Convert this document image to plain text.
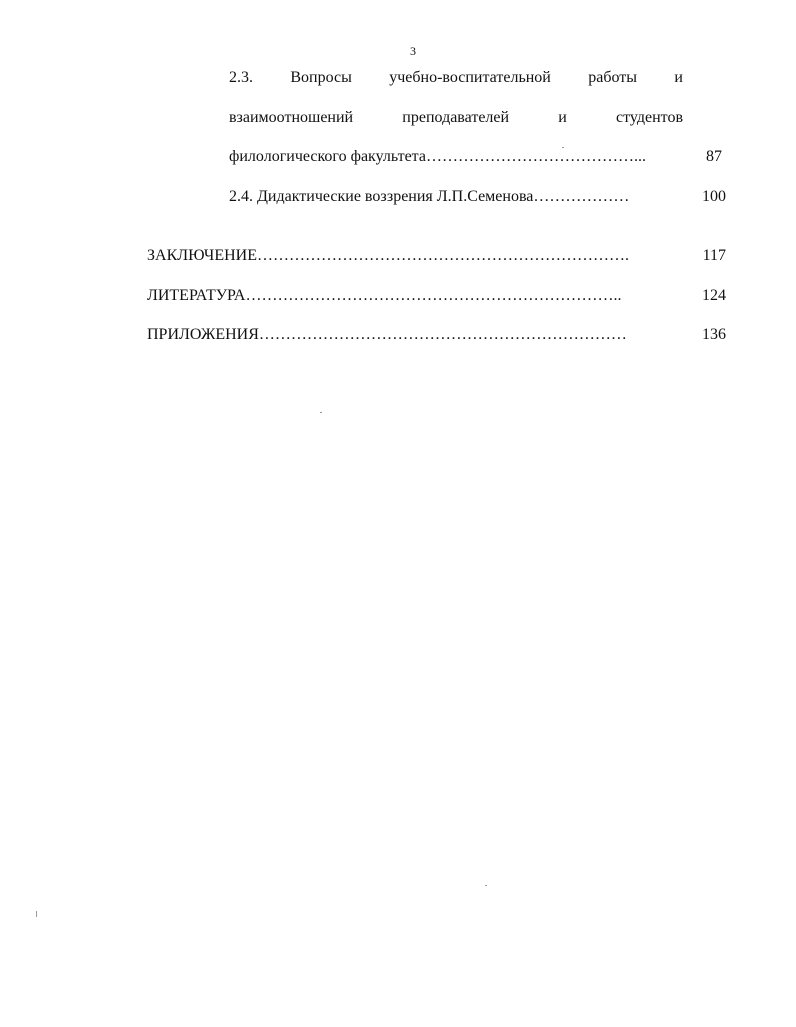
3
2.3. Вопросы учебно-воспитательной работы и
взаимоотношений	преподавателей	и	студентов
филологического факультета…………………………………...	87
2.4. Дидактические воззрения Л.П.Семенова………………	100
ЗАКЛЮЧЕНИЕ…………………………………………………………….	117
ЛИТЕРАТУРА……………………………………………………………..	124
ПРИЛОЖЕНИЯ……………………………………………………………	136
